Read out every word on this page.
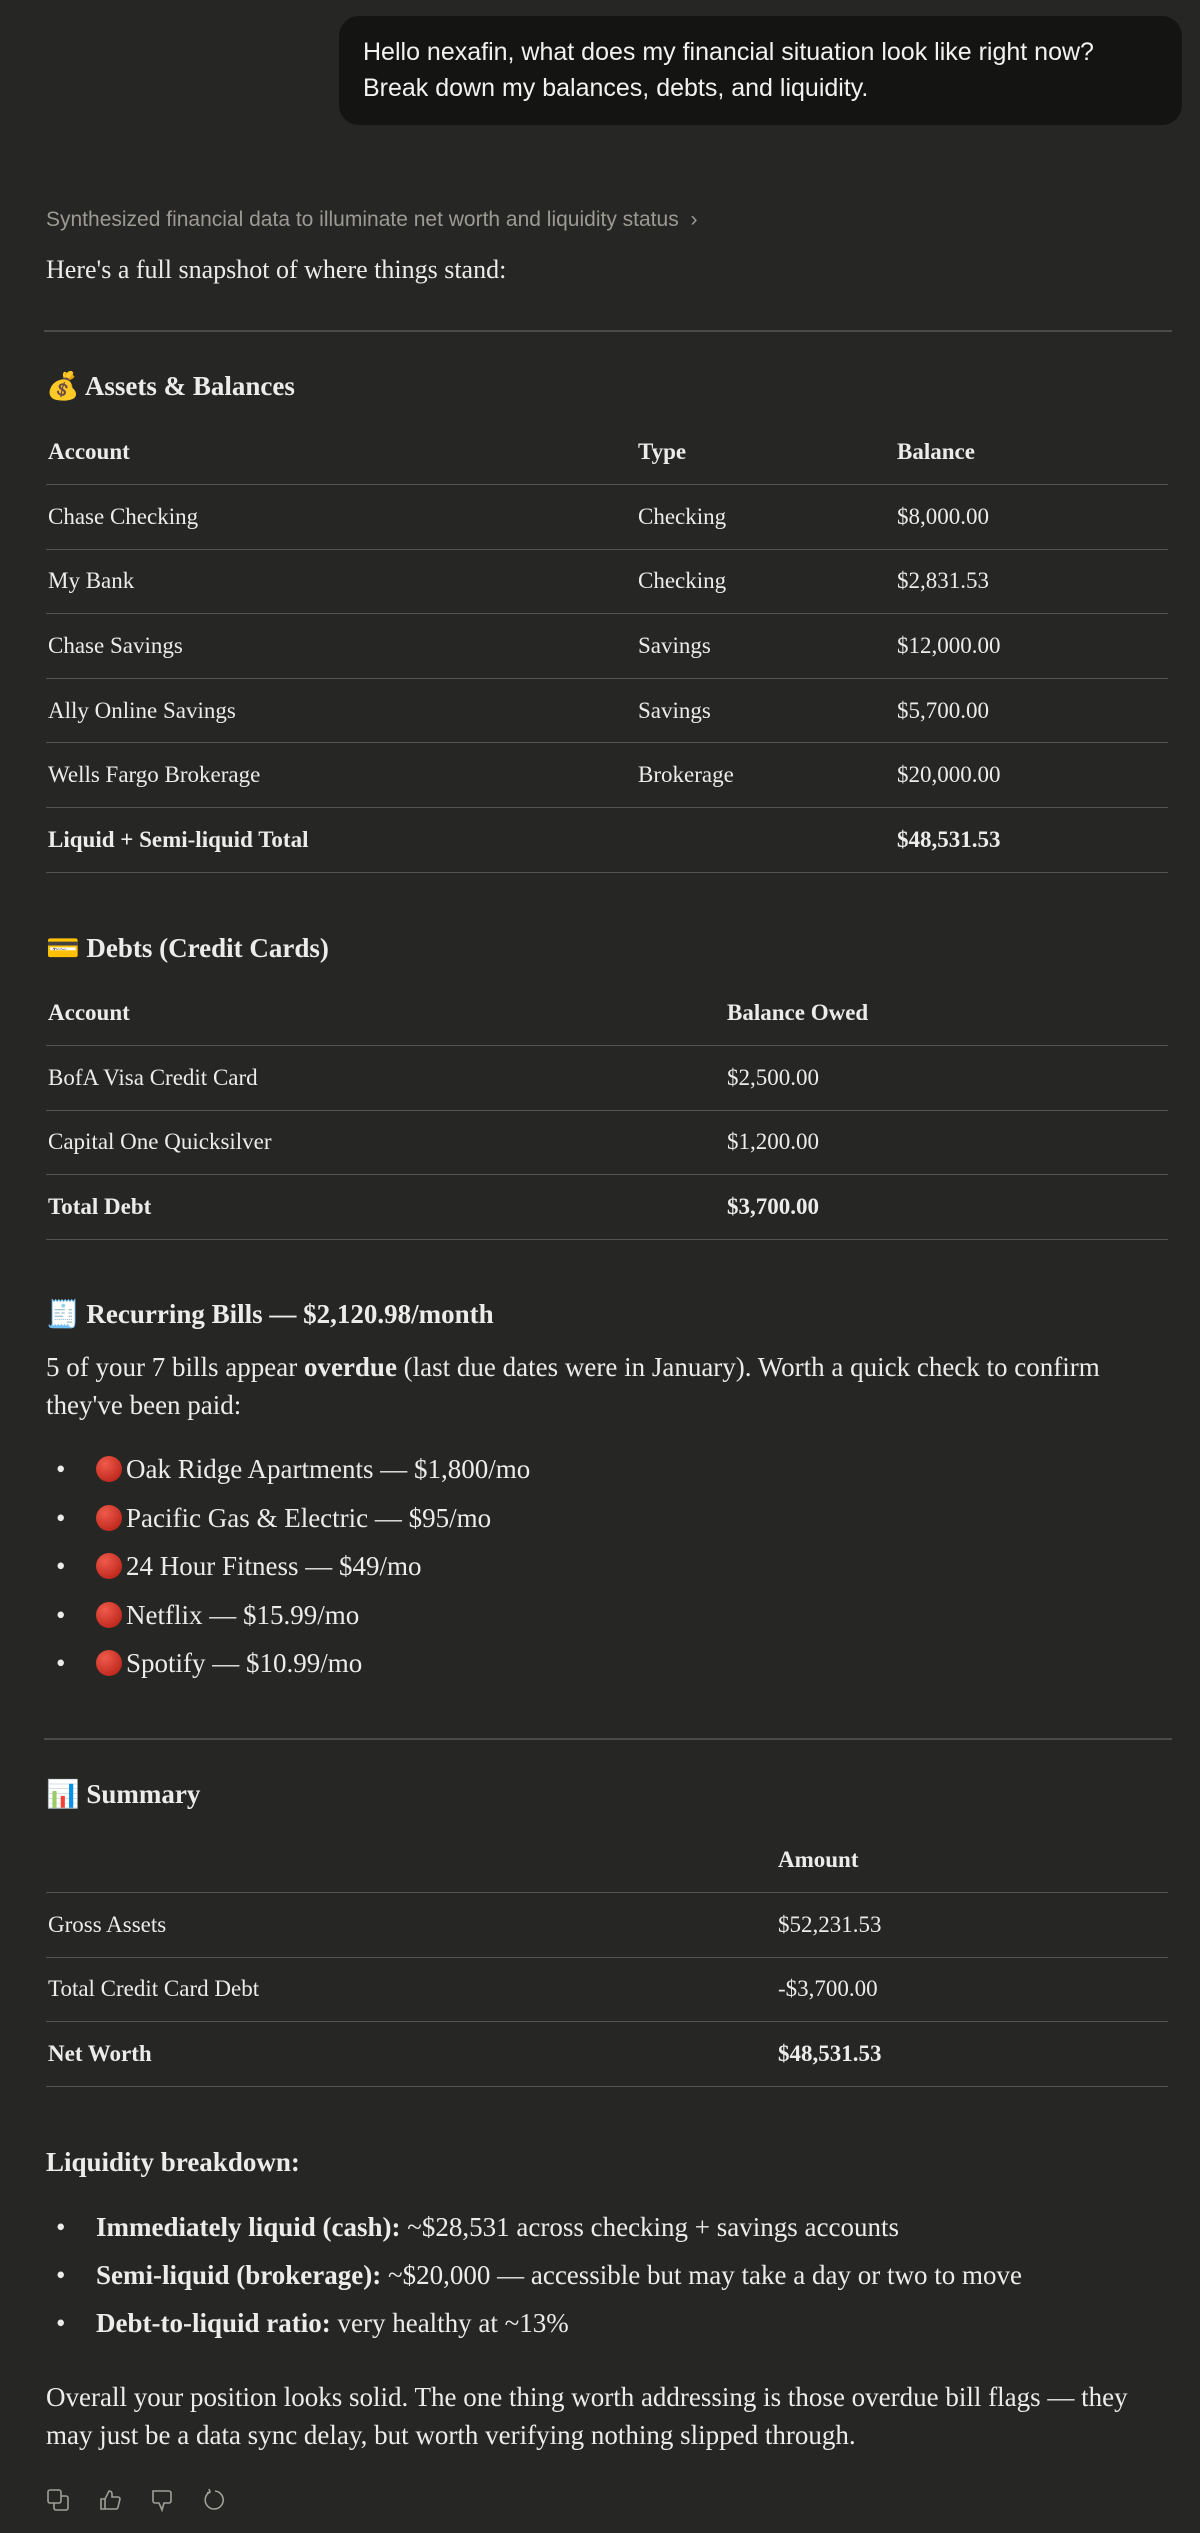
Hello nexafin, what does my financial situation look like right now?
Break down my balances, debts, and liquidity.
Synthesized financial data to illuminate net worth and liquidity status ›
Here's a full snapshot of where things stand:
💰 Assets & Balances
Account	Type	Balance
Chase Checking	Checking	$8,000.00
My Bank	Checking	$2,831.53
Chase Savings	Savings	$12,000.00
Ally Online Savings	Savings	$5,700.00
Wells Fargo Brokerage	Brokerage	$20,000.00
Liquid + Semi-liquid Total		$48,531.53
💳 Debts (Credit Cards)
Account	Balance Owed
BofA Visa Credit Card	$2,500.00
Capital One Quicksilver	$1,200.00
Total Debt	$3,700.00
🧾 Recurring Bills — $2,120.98/month
5 of your 7 bills appear overdue (last due dates were in January). Worth a quick check to confirm they've been paid:
• Oak Ridge Apartments — $1,800/mo
• Pacific Gas & Electric — $95/mo
• 24 Hour Fitness — $49/mo
• Netflix — $15.99/mo
• Spotify — $10.99/mo
📊 Summary
	Amount
Gross Assets	$52,231.53
Total Credit Card Debt	-$3,700.00
Net Worth	$48,531.53
Liquidity breakdown:
• Immediately liquid (cash): ~$28,531 across checking + savings accounts
• Semi-liquid (brokerage): ~$20,000 — accessible but may take a day or two to move
• Debt-to-liquid ratio: very healthy at ~13%
Overall your position looks solid. The one thing worth addressing is those overdue bill flags — they may just be a data sync delay, but worth verifying nothing slipped through.
